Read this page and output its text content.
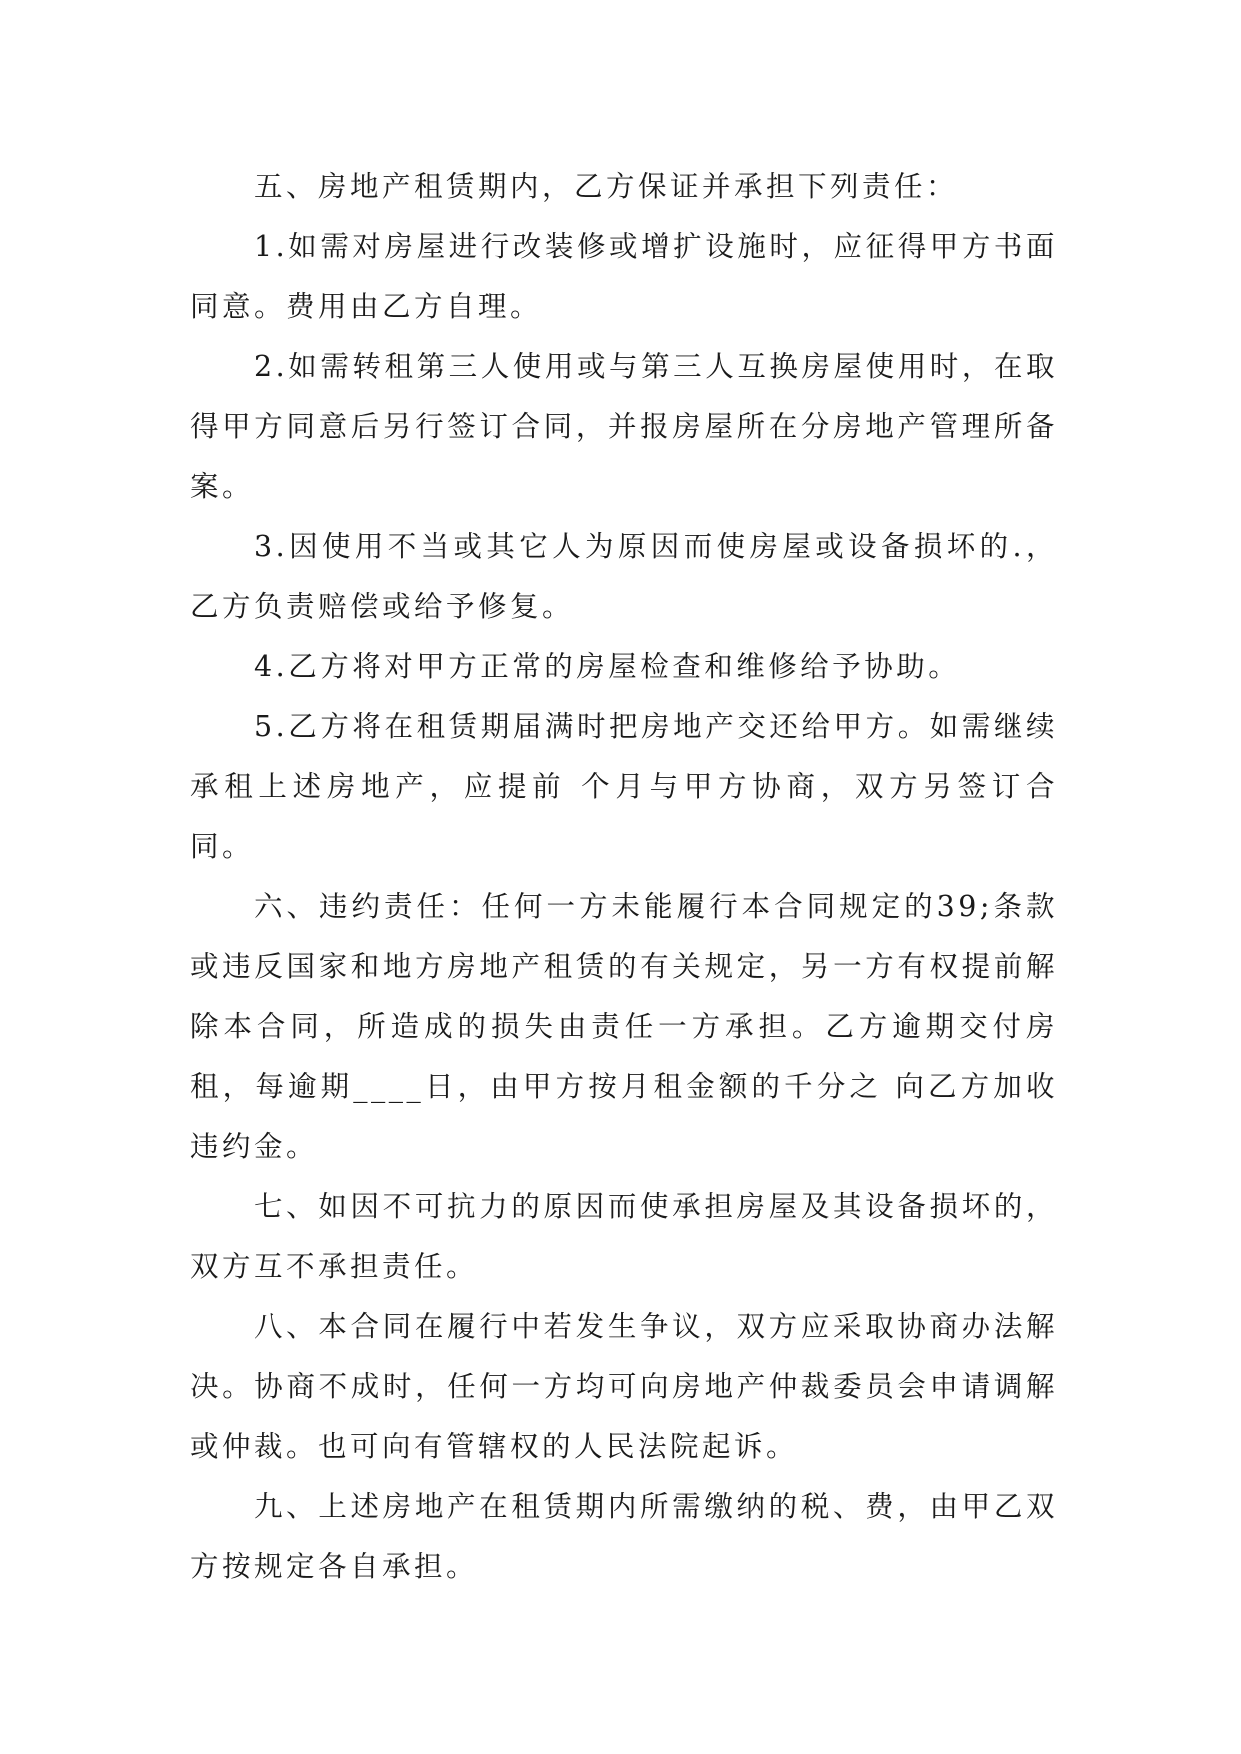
五、房地产租赁期内，乙方保证并承担下列责任：

1.如需对房屋进行改装修或增扩设施时，应征得甲方书面同意。费用由乙方自理。

2.如需转租第三人使用或与第三人互换房屋使用时，在取得甲方同意后另行签订合同，并报房屋所在分房地产管理所备案。

3.因使用不当或其它人为原因而使房屋或设备损坏的.，乙方负责赔偿或给予修复。

4.乙方将对甲方正常的房屋检查和维修给予协助。

5.乙方将在租赁期届满时把房地产交还给甲方。如需继续承租上述房地产，应提前 个月与甲方协商，双方另签订合同。

六、违约责任：任何一方未能履行本合同规定的39;条款或违反国家和地方房地产租赁的有关规定，另一方有权提前解除本合同，所造成的损失由责任一方承担。乙方逾期交付房租，每逾期____日，由甲方按月租金额的千分之 向乙方加收违约金。

七、如因不可抗力的原因而使承担房屋及其设备损坏的，双方互不承担责任。

八、本合同在履行中若发生争议，双方应采取协商办法解决。协商不成时，任何一方均可向房地产仲裁委员会申请调解或仲裁。也可向有管辖权的人民法院起诉。

九、上述房地产在租赁期内所需缴纳的税、费，由甲乙双方按规定各自承担。
